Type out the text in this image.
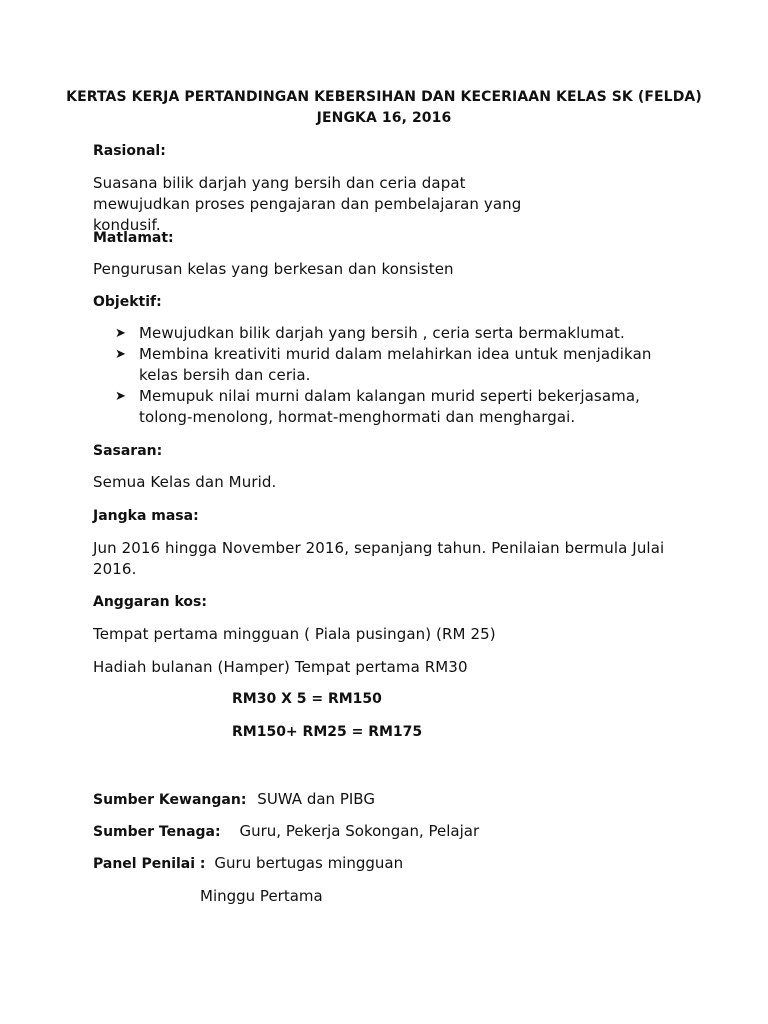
KERTAS KERJA PERTANDINGAN KEBERSIHAN DAN KECERIAAN KELAS SK (FELDA)
JENGKA 16, 2016
Rasional:
Suasana bilik darjah yang bersih dan ceria dapat mewujudkan proses pengajaran dan pembelajaran yang kondusif.
Matlamat:
Pengurusan kelas yang berkesan dan konsisten
Objektif:
➤ Mewujudkan bilik darjah yang bersih , ceria serta bermaklumat.
➤ Membina kreativiti murid dalam melahirkan idea untuk menjadikan kelas bersih dan ceria.
➤ Memupuk nilai murni dalam kalangan murid seperti bekerjasama, tolong-menolong, hormat-menghormati dan menghargai.
Sasaran:
Semua Kelas dan Murid.
Jangka masa:
Jun 2016 hingga November 2016, sepanjang tahun. Penilaian bermula Julai 2016.
Anggaran kos:
Tempat pertama mingguan ( Piala pusingan) (RM 25)
Hadiah bulanan (Hamper) Tempat pertama RM30
RM30 X 5 = RM150
RM150+ RM25 = RM175
Sumber Kewangan: SUWA dan PIBG
Sumber Tenaga: Guru, Pekerja Sokongan, Pelajar
Panel Penilai : Guru bertugas mingguan
Minggu Pertama
